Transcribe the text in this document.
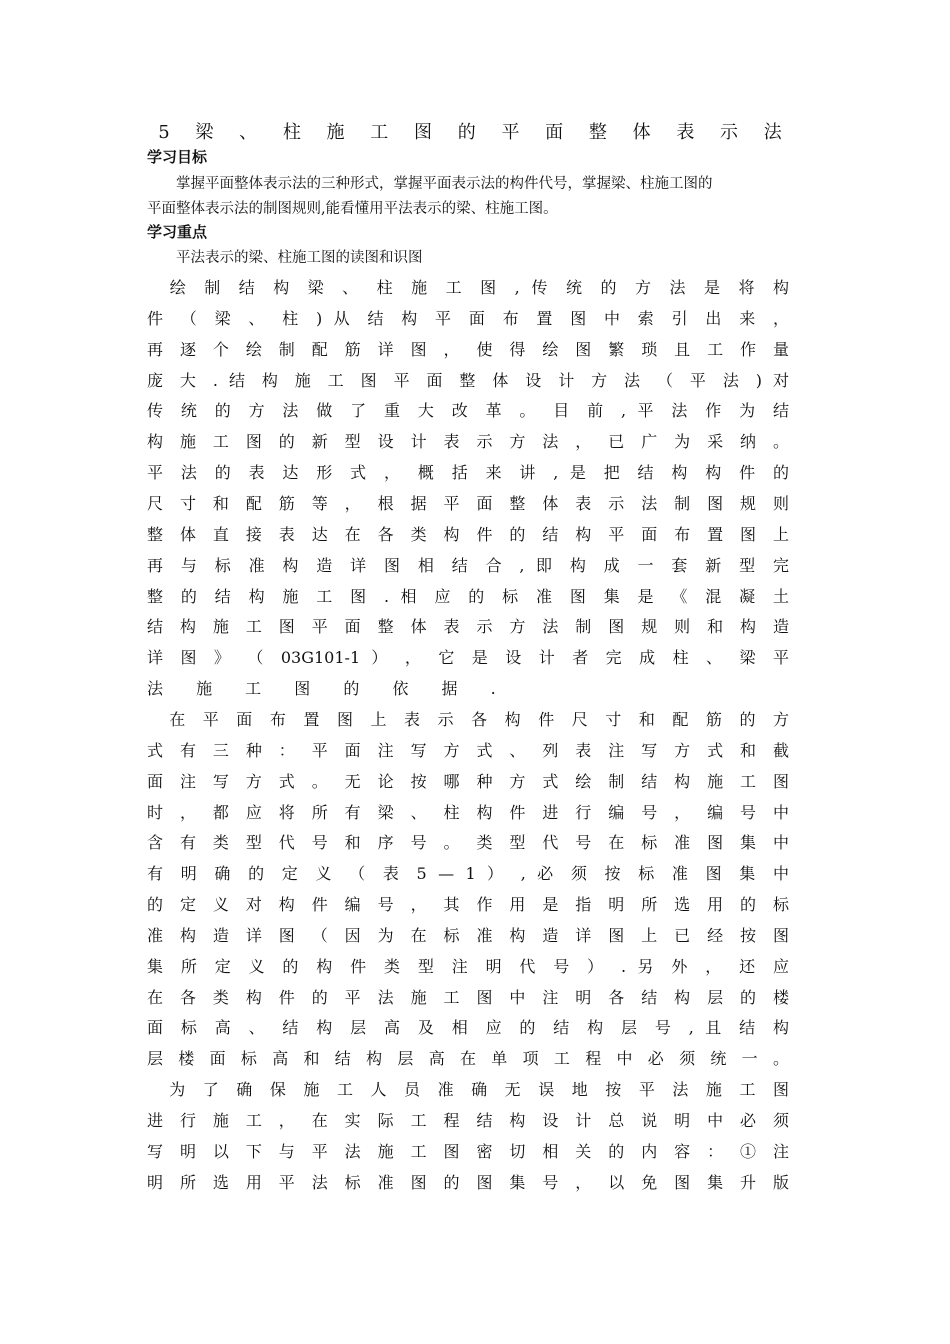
5 梁 、 柱 施 工 图 的 平 面 整 体 表 示 法
学习目标
　　掌握平面整体表示法的三种形式，掌握平面表示法的构件代号，掌握梁、柱施工图的
平面整体表示法的制图规则,能看懂用平法表示的梁、柱施工图。
学习重点
　　平法表示的梁、柱施工图的读图和识图
　绘 制 结 构 梁 、 柱 施 工 图 , 传 统 的 方 法 是 将 构
件 （ 梁 、 柱 ) 从 结 构 平 面 布 置 图 中 索 引 出 来 ，
再 逐 个 绘 制 配 筋 详 图 ， 使 得 绘 图 繁 琐 且 工 作 量
庞 大 . 结 构 施 工 图 平 面 整 体 设 计 方 法 （ 平 法 ) 对
传 统 的 方 法 做 了 重 大 改 革 。 目 前 , 平 法 作 为 结
构 施 工 图 的 新 型 设 计 表 示 方 法 ， 已 广 为 采 纳 。
平 法 的 表 达 形 式 ， 概 括 来 讲 , 是 把 结 构 构 件 的
尺 寸 和 配 筋 等 ， 根 据 平 面 整 体 表 示 法 制 图 规 则
整 体 直 接 表 达 在 各 类 构 件 的 结 构 平 面 布 置 图 上
再 与 标 准 构 造 详 图 相 结 合 , 即 构 成 一 套 新 型 完
整 的 结 构 施 工 图 . 相 应 的 标 准 图 集 是 《 混 凝 土
结 构 施 工 图 平 面 整 体 表 示 方 法 制 图 规 则 和 构 造
详 图 》 （ 03G101-1 ） ， 它 是 设 计 者 完 成 柱 、 梁 平
法 施 工 图 的 依 据 .
　在 平 面 布 置 图 上 表 示 各 构 件 尺 寸 和 配 筋 的 方
式 有 三 种 ： 平 面 注 写 方 式 、 列 表 注 写 方 式 和 截
面 注 写 方 式 。 无 论 按 哪 种 方 式 绘 制 结 构 施 工 图
时 ， 都 应 将 所 有 梁 、 柱 构 件 进 行 编 号 ， 编 号 中
含 有 类 型 代 号 和 序 号 。 类 型 代 号 在 标 准 图 集 中
有 明 确 的 定 义 （ 表 5 — 1 ） , 必 须 按 标 准 图 集 中
的 定 义 对 构 件 编 号 ， 其 作 用 是 指 明 所 选 用 的 标
准 构 造 详 图 （ 因 为 在 标 准 构 造 详 图 上 已 经 按 图
集 所 定 义 的 构 件 类 型 注 明 代 号 ） . 另 外 ， 还 应
在 各 类 构 件 的 平 法 施 工 图 中 注 明 各 结 构 层 的 楼
面 标 高 、 结 构 层 高 及 相 应 的 结 构 层 号 , 且 结 构
层 楼 面 标 高 和 结 构 层 高 在 单 项 工 程 中 必 须 统 一 。
　为 了 确 保 施 工 人 员 准 确 无 误 地 按 平 法 施 工 图
进 行 施 工 ， 在 实 际 工 程 结 构 设 计 总 说 明 中 必 须
写 明 以 下 与 平 法 施 工 图 密 切 相 关 的 内 容 ： ① 注
明 所 选 用 平 法 标 准 图 的 图 集 号 ， 以 免 图 集 升 版
